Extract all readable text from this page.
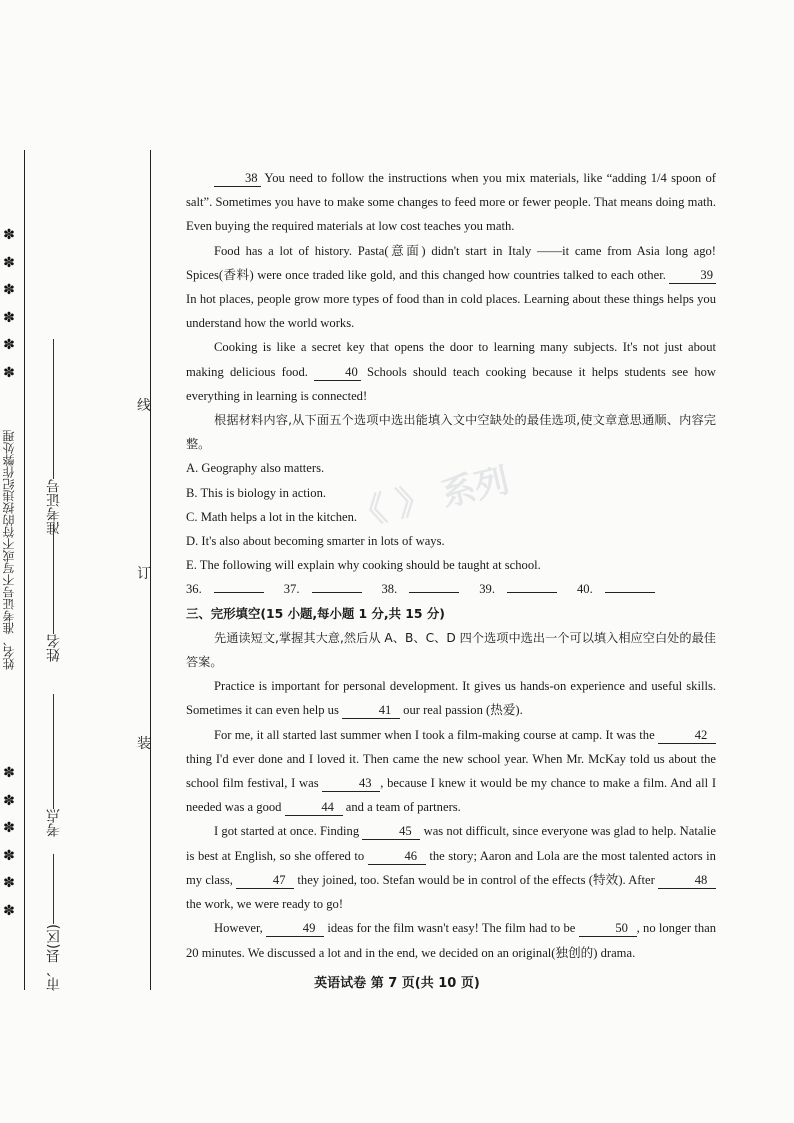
✽
✽
✽
✽
✽
✽
✽
✽
✽
✽
✽
✽
姓名、准考证号不写或不符的按违纪作弊处理 准考证号
姓名
考点
市、县(区)
线
订
装
《 》 系列

38 You need to follow the instructions when you mix materials, like “adding 1/4 spoon of salt”. Sometimes you have to make some changes to feed more or fewer people. That means doing math. Even buying the required materials at low cost teaches you math.

Food has a lot of history. Pasta(意面) didn't start in Italy ——it came from Asia long ago! Spices(香料) were once traded like gold, and this changed how countries talked to each other. 39 In hot places, people grow more types of food than in cold places. Learning about these things helps you understand how the world works.

Cooking is like a secret key that opens the door to learning many subjects. It's not just about making delicious food. 40 Schools should teach cooking because it helps students see how everything in learning is connected!

根据材料内容,从下面五个选项中选出能填入文中空缺处的最佳选项,使文章意思通顺、内容完整。

A. Geography also matters.

B. This is biology in action.

C. Math helps a lot in the kitchen.

D. It's also about becoming smarter in lots of ways.

E. The following will explain why cooking should be taught at school.

36.	37.	38.	39.	40.

三、完形填空(15 小题,每小题 1 分,共 15 分)

先通读短文,掌握其大意,然后从 A、B、C、D 四个选项中选出一个可以填入相应空白处的最佳答案。

Practice is important for personal development. It gives us hands-on experience and useful skills. Sometimes it can even help us	41 our real passion (热爱).

For me, it all started last summer when I took a film-making course at camp. It was the	42 thing I'd ever done and I loved it. Then came the new school year. When Mr. McKay told us about the school film festival, I was	43 , because I knew it would be my chance to make a film. And all I needed was a good	44 and a team of partners.

I got started at once. Finding	45 was not difficult, since everyone was glad to help. Natalie is best at English, so she offered to	46 the story; Aaron and Lola are the most talented actors in my class,	47 they joined, too. Stefan would be in control of the effects (特效). After	48 the work, we were ready to go!

However,	49 ideas for the film wasn't easy! The film had to be	50 , no longer than 20 minutes. We discussed a lot and in the end, we decided on an original(独创的) drama.

英语试卷 第 7 页(共 10 页)
